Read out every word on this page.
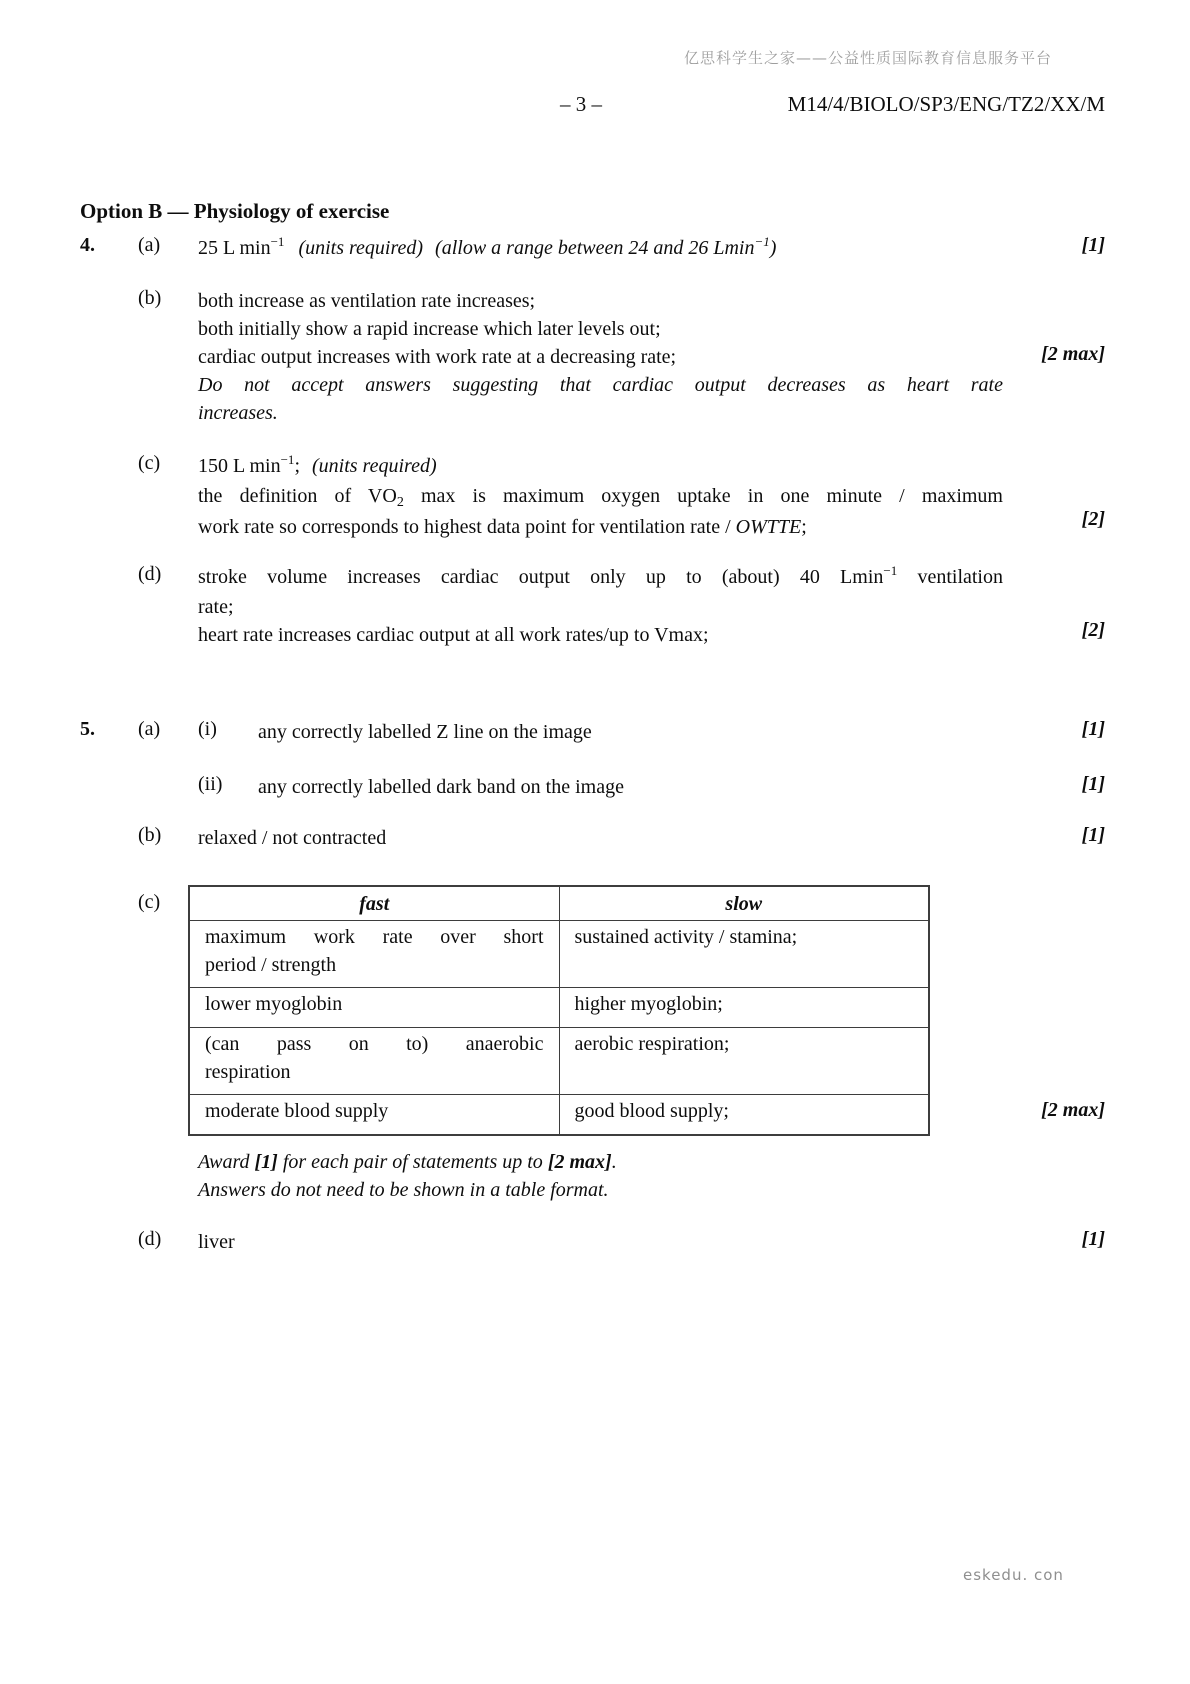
亿思科学生之家——公益性质国际教育信息服务平台
– 3 –	M14/4/BIOLO/SP3/ENG/TZ2/XX/M
Option B — Physiology of exercise
4. (a) 25 L $\min^{-1}$ (units required) (allow a range between 24 and 26 Lmin$^{-1}$)	[1]
(b) both increase as ventilation rate increases;
both initially show a rapid increase which later levels out;
cardiac output increases with work rate at a decreasing rate;
Do not accept answers suggesting that cardiac output decreases as heart rate
increases.
[2 max]
(c) 150 L $\min^{-1}$; (units required)
the definition of $VO_2$ max is maximum oxygen uptake in one minute / maximum
work rate so corresponds to highest data point for ventilation rate / OWTTE;	[2]
(d) stroke volume increases cardiac output only up to (about) 40 Lmin$^{-1}$ ventilation
rate;
heart rate increases cardiac output at all work rates/up to Vmax;	[2]
5. (a) (i) any correctly labelled Z line on the image	[1]
(ii) any correctly labelled dark band on the image	[1]
(b) relaxed / not contracted	[1]
(c)	fast	slow

maximum work rate over short
period / strength	sustained activity / stamina;
lower myoglobin	higher myoglobin;

(can pass on to) anaerobic
respiration	aerobic respiration;
moderate blood supply	good blood supply;	[2 max]
Award [1] for each pair of statements up to [2 max].
Answers do not need to be shown in a table format.
(d) liver	[1]
eskedu. con
